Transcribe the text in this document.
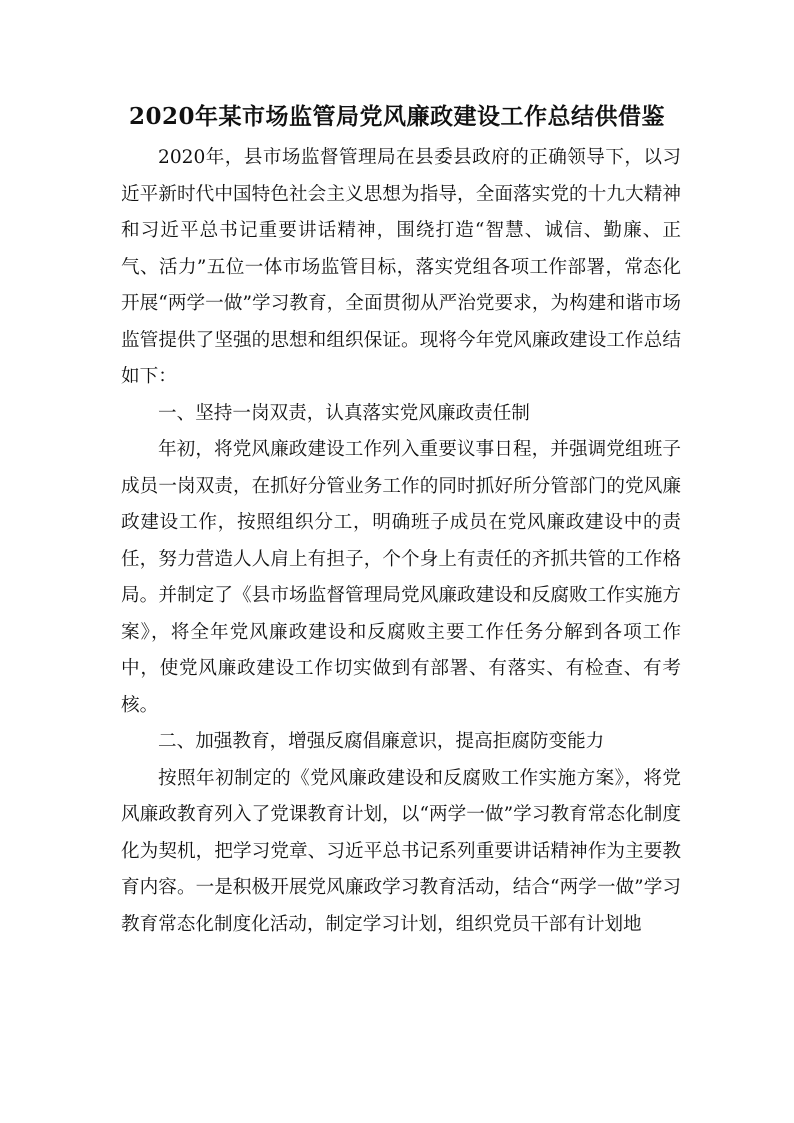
2020年某市场监管局党风廉政建设工作总结供借鉴

2020年，县市场监督管理局在县委县政府的正确领导下，以习近平新时代中国特色社会主义思想为指导，全面落实党的十九大精神和习近平总书记重要讲话精神，围绕打造“智慧、诚信、勤廉、正气、活力”五位一体市场监管目标，落实党组各项工作部署，常态化开展“两学一做”学习教育，全面贯彻从严治党要求，为构建和谐市场监管提供了坚强的思想和组织保证。现将今年党风廉政建设工作总结如下：

一、坚持一岗双责，认真落实党风廉政责任制

年初，将党风廉政建设工作列入重要议事日程，并强调党组班子成员一岗双责，在抓好分管业务工作的同时抓好所分管部门的党风廉政建设工作，按照组织分工，明确班子成员在党风廉政建设中的责任，努力营造人人肩上有担子，个个身上有责任的齐抓共管的工作格局。并制定了《县市场监督管理局党风廉政建设和反腐败工作实施方案》，将全年党风廉政建设和反腐败主要工作任务分解到各项工作中，使党风廉政建设工作切实做到有部署、有落实、有检查、有考核。

二、加强教育，增强反腐倡廉意识，提高拒腐防变能力

按照年初制定的《党风廉政建设和反腐败工作实施方案》，将党风廉政教育列入了党课教育计划，以“两学一做”学习教育常态化制度化为契机，把学习党章、习近平总书记系列重要讲话精神作为主要教育内容。一是积极开展党风廉政学习教育活动，结合“两学一做”学习教育常态化制度化活动，制定学习计划，组织党员干部有计划地
